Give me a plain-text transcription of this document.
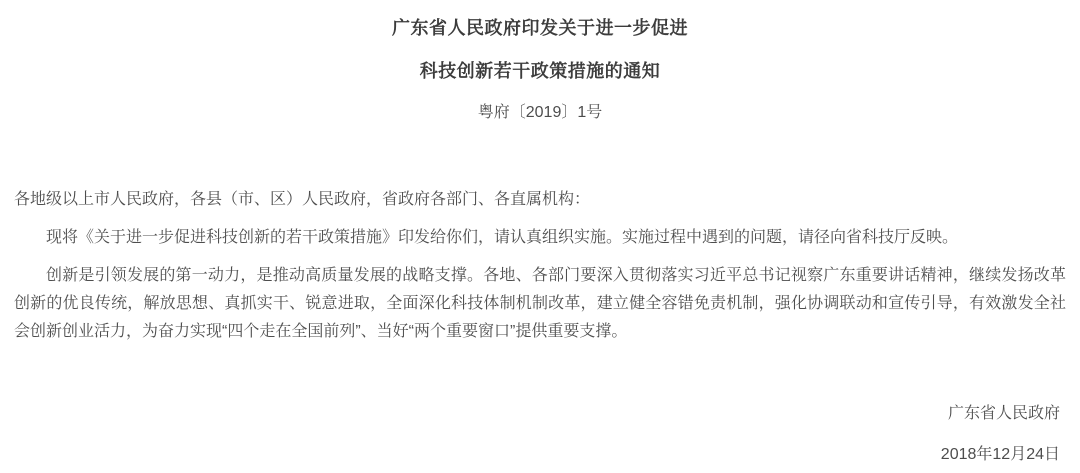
广东省人民政府印发关于进一步促进

科技创新若干政策措施的通知

粤府〔2019〕1号

各地级以上市人民政府，各县（市、区）人民政府，省政府各部门、各直属机构：

现将《关于进一步促进科技创新的若干政策措施》印发给你们，请认真组织实施。实施过程中遇到的问题，请径向省科技厅反映。

创新是引领发展的第一动力，是推动高质量发展的战略支撑。各地、各部门要深入贯彻落实习近平总书记视察广东重要讲话精神，继续发扬改革创新的优良传统，解放思想、真抓实干、锐意进取，全面深化科技体制机制改革，建立健全容错免责机制，强化协调联动和宣传引导，有效激发全社会创新创业活力，为奋力实现“四个走在全国前列”、当好“两个重要窗口”提供重要支撑。

广东省人民政府

2018年12月24日
